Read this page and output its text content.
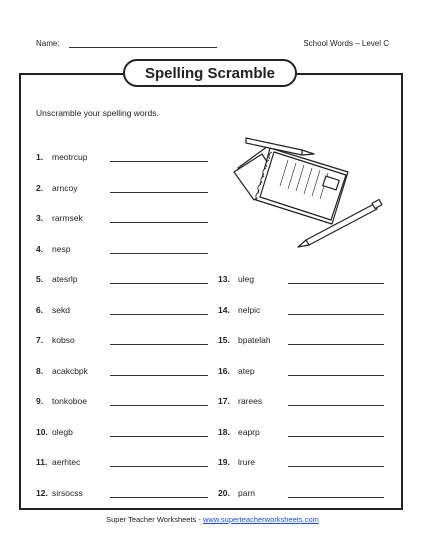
Name:	School Words – Level C
Spelling Scramble
Unscramble your spelling words.
1. meotrcup
2. arncoy
3. rarmsek
4. nesp
5. atesrlp
6. sekd
7. kobso
8. acakcbpk
9. tonkoboe
10. olegb
11. aerhtec
12. sirsocss
13. uleg
14. nelpic
15. bpatelah
16. atep
17. rarees
18. eaprp
19. lrure
20. parn
Super Teacher Worksheets - www.superteacherworksheets.com
